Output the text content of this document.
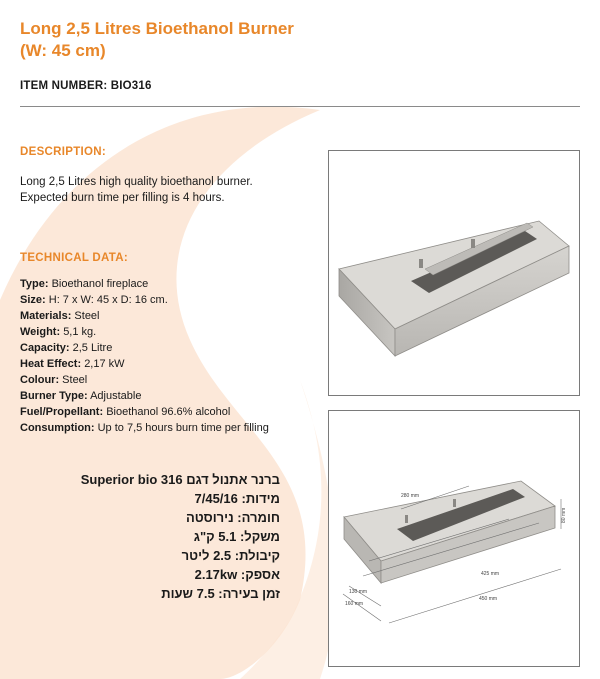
Long 2,5 Litres Bioethanol Burner (W: 45 cm)
ITEM NUMBER: BIO316
DESCRIPTION:
Long 2,5 Litres high quality bioethanol burner.
Expected burn time per filling is 4 hours.
TECHNICAL DATA:
Type: Bioethanol fireplace
Size: H: 7 x W: 45 x D: 16 cm.
Materials: Steel
Weight: 5,1 kg.
Capacity: 2,5 Litre
Heat Effect: 2,17 kW
Colour: Steel
Burner Type: Adjustable
Fuel/Propellant: Bioethanol 96.6% alcohol
Consumption: Up to 7,5 hours burn time per filling
ברנר אתנול דגם Superior bio 316
מידות: 7/45/16
חומרה: נירוסטה
משקל: 5.1 ק"ג
קיבולת: 2.5 ליטר
אספק: 2.17kw
זמן בעירה: 7.5 שעות
280 mm
425 mm
450 mm
80 mm
130 mm
160 mm
